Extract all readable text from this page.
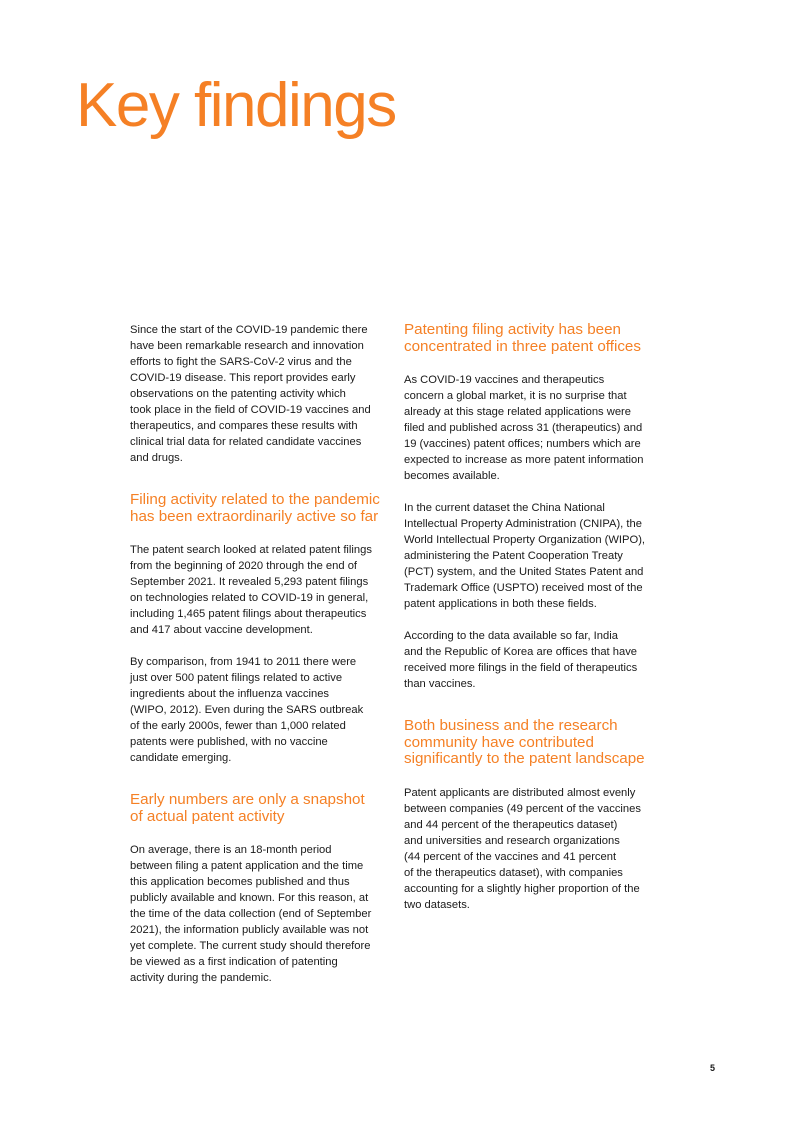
Key findings

Since the start of the COVID-19 pandemic there
have been remarkable research and innovation
efforts to fight the SARS-CoV-2 virus and the
COVID-19 disease. This report provides early
observations on the patenting activity which
took place in the field of COVID-19 vaccines and
therapeutics, and compares these results with
clinical trial data for related candidate vaccines
and drugs.

Filing activity related to the pandemic
has been extraordinarily active so far

The patent search looked at related patent filings
from the beginning of 2020 through the end of
September 2021. It revealed 5,293 patent filings
on technologies related to COVID-19 in general,
including 1,465 patent filings about therapeutics
and 417 about vaccine development.

By comparison, from 1941 to 2011 there were
just over 500 patent filings related to active
ingredients about the influenza vaccines
(WIPO, 2012). Even during the SARS outbreak
of the early 2000s, fewer than 1,000 related
patents were published, with no vaccine
candidate emerging.

Early numbers are only a snapshot
of actual patent activity

On average, there is an 18-month period
between filing a patent application and the time
this application becomes published and thus
publicly available and known. For this reason, at
the time of the data collection (end of September
2021), the information publicly available was not
yet complete. The current study should therefore
be viewed as a first indication of patenting
activity during the pandemic.

Patenting filing activity has been
concentrated in three patent offices

As COVID-19 vaccines and therapeutics
concern a global market, it is no surprise that
already at this stage related applications were
filed and published across 31 (therapeutics) and
19 (vaccines) patent offices; numbers which are
expected to increase as more patent information
becomes available.

In the current dataset the China National
Intellectual Property Administration (CNIPA), the
World Intellectual Property Organization (WIPO),
administering the Patent Cooperation Treaty
(PCT) system, and the United States Patent and
Trademark Office (USPTO) received most of the
patent applications in both these fields.

According to the data available so far, India
and the Republic of Korea are offices that have
received more filings in the field of therapeutics
than vaccines.

Both business and the research
community have contributed
significantly to the patent landscape

Patent applicants are distributed almost evenly
between companies (49 percent of the vaccines
and 44 percent of the therapeutics dataset)
and universities and research organizations
(44 percent of the vaccines and 41 percent
of the therapeutics dataset), with companies
accounting for a slightly higher proportion of the
two datasets.

5
